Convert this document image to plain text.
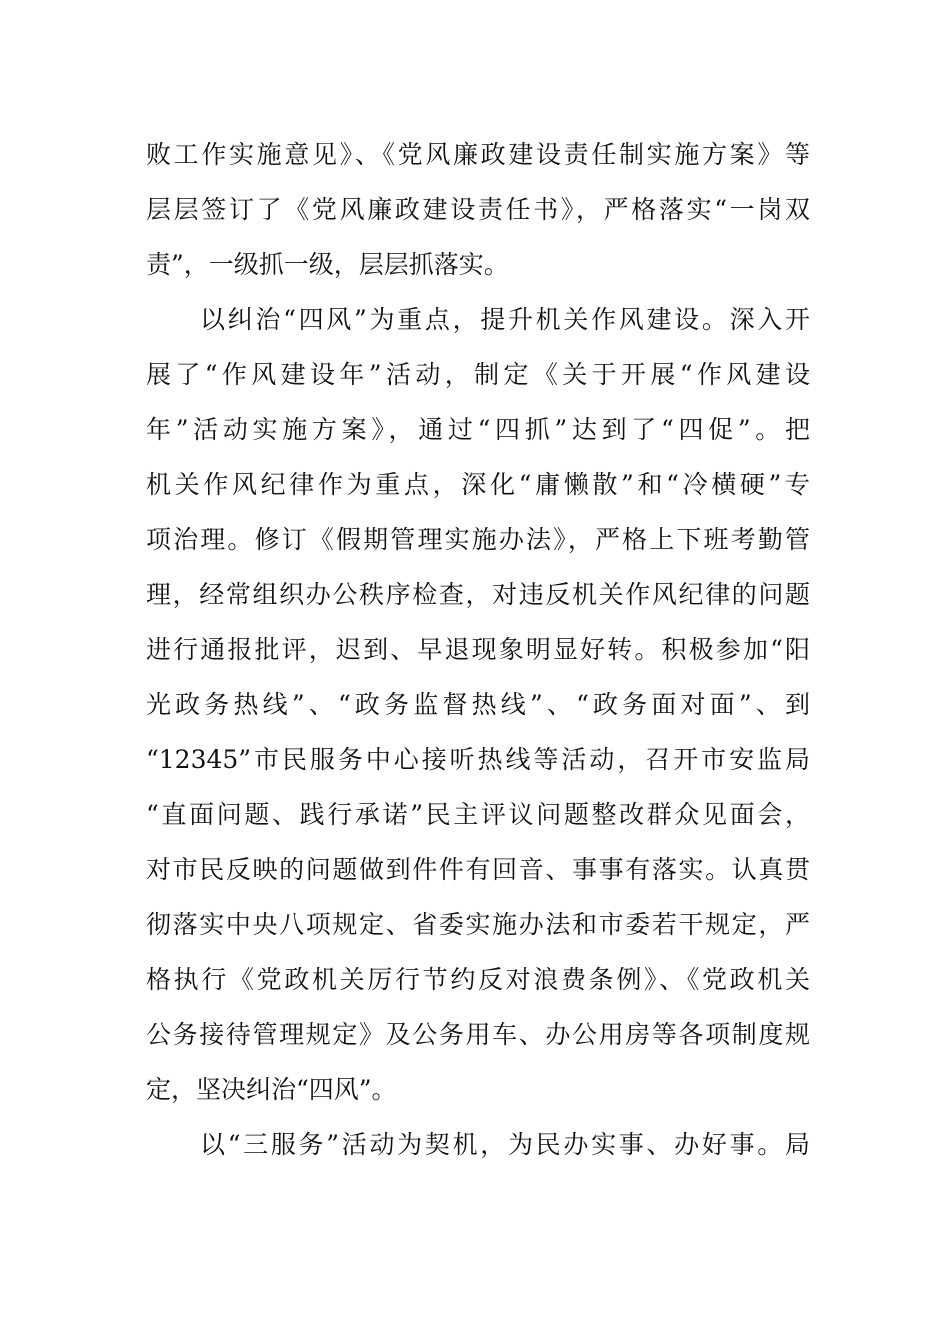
败工作实施意见》、《党风廉政建设责任制实施方案》等
层层签订了《党风廉政建设责任书》，严格落实“一岗双
责”，一级抓一级，层层抓落实。
以纠治“四风”为重点，提升机关作风建设。深入开
展了“作风建设年”活动，制定《关于开展“作风建设
年”活动实施方案》，通过“四抓”达到了“四促”。把
机关作风纪律作为重点，深化“庸懒散”和“冷横硬”专
项治理。修订《假期管理实施办法》，严格上下班考勤管
理，经常组织办公秩序检查，对违反机关作风纪律的问题
进行通报批评，迟到、早退现象明显好转。积极参加“阳
光政务热线”、“政务监督热线”、“政务面对面”、到
“12345”市民服务中心接听热线等活动，召开市安监局
“直面问题、践行承诺”民主评议问题整改群众见面会，
对市民反映的问题做到件件有回音、事事有落实。认真贯
彻落实中央八项规定、省委实施办法和市委若干规定，严
格执行《党政机关厉行节约反对浪费条例》、《党政机关
公务接待管理规定》及公务用车、办公用房等各项制度规
定，坚决纠治“四风”。
以“三服务”活动为契机，为民办实事、办好事。局
